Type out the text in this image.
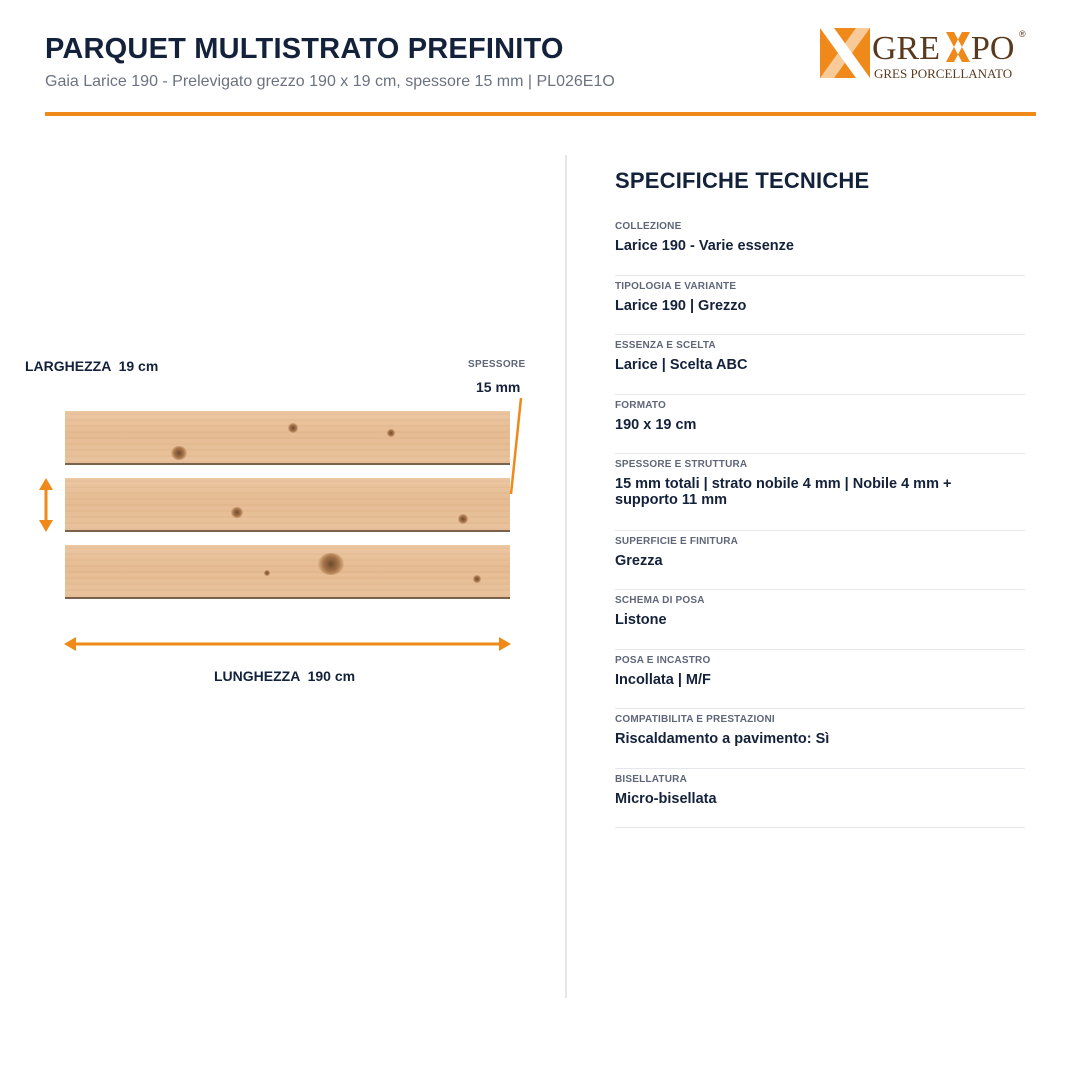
PARQUET MULTISTRATO PREFINITO
Gaia Larice 190 - Prelevigato grezzo 190 x 19 cm, spessore 15 mm | PL026E1O
GRE PO ®
GRES PORCELLANATO
LARGHEZZA  19 cm	SPESSORE
15 mm
LUNGHEZZA  190 cm
SPECIFICHE TECNICHE
COLLEZIONE
Larice 190 - Varie essenze
TIPOLOGIA E VARIANTE
Larice 190 | Grezzo
ESSENZA E SCELTA
Larice | Scelta ABC
FORMATO
190 x 19 cm
SPESSORE E STRUTTURA
15 mm totali | strato nobile 4 mm | Nobile 4 mm + supporto 11 mm
SUPERFICIE E FINITURA
Grezza
SCHEMA DI POSA
Listone
POSA E INCASTRO
Incollata | M/F
COMPATIBILITA E PRESTAZIONI
Riscaldamento a pavimento: Sì
BISELLATURA
Micro-bisellata
